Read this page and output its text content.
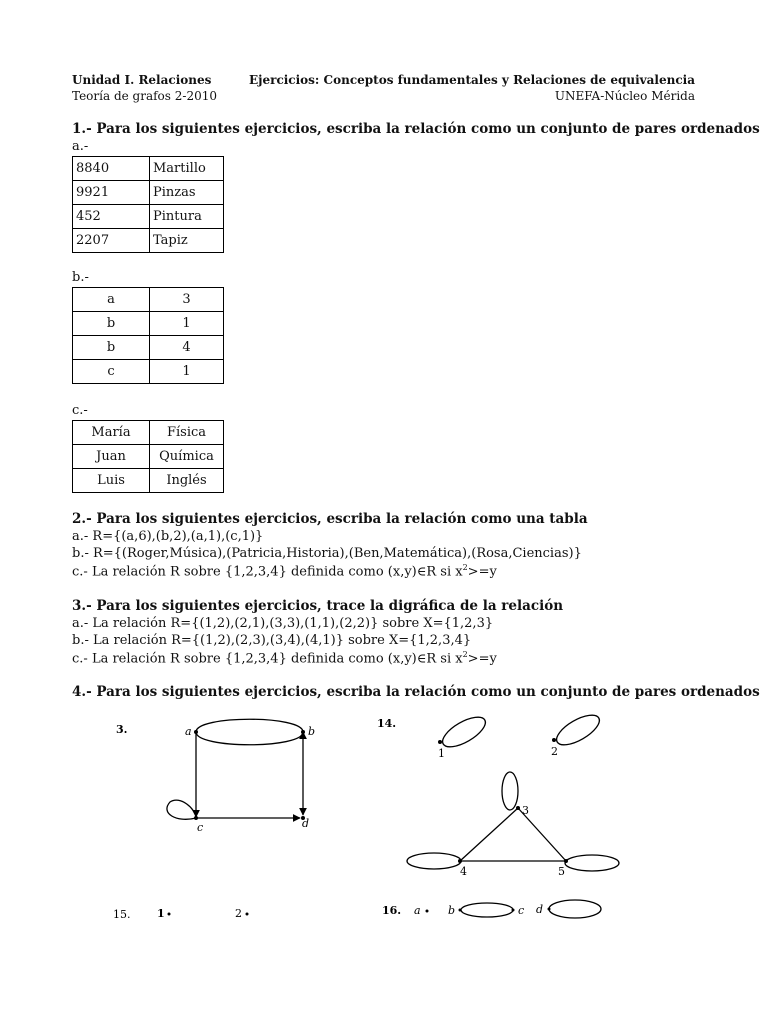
Unidad I. Relaciones
Teoría de grafos 2-2010
Ejercicios: Conceptos fundamentales y Relaciones de equivalencia
UNEFA-Núcleo Mérida
1.- Para los siguientes ejercicios, escriba la relación como un conjunto de pares ordenados
a.-
8840	Martillo
9921	Pinzas
452	Pintura
2207	Tapiz
b.-
a	3
b	1
b	4
c	1
c.-
María	Física
Juan	Química
Luis	Inglés
2.- Para los siguientes ejercicios, escriba la relación como una tabla
a.- R={(a,6),(b,2),(a,1),(c,1)}
b.- R={(Roger,Música),(Patricia,Historia),(Ben,Matemática),(Rosa,Ciencias)}
c.- La relación R sobre {1,2,3,4} definida como (x,y)∈R si $x^2>=y$
3.- Para los siguientes ejercicios, trace la digráfica de la relación
a.- La relación R={(1,2),(2,1),(3,3),(1,1),(2,2)} sobre X={1,2,3}
b.- La relación R={(1,2),(2,3),(3,4),(4,1)} sobre X={1,2,3,4}
c.- La relación R sobre {1,2,3,4} definida como (x,y)∈R si $x^2>=y$
4.- Para los siguientes ejercicios, escriba la relación como un conjunto de pares ordenados
3.	a	b
c	d
14.
1	2
3
4	5
15. 1	2	16. a b	c d
